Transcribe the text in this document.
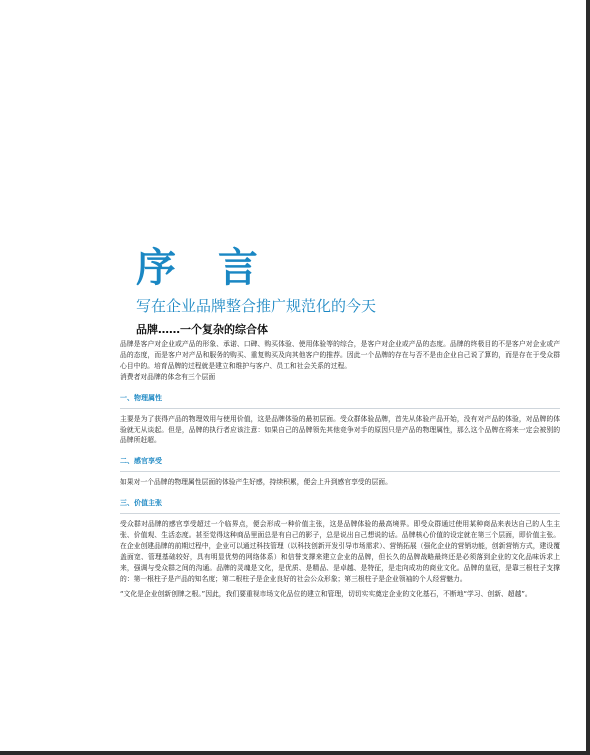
序 言
写在企业品牌整合推广规范化的今天
品牌……一个复杂的综合体

品牌是客户对企业或产品的形象、承诺、口碑、购买体验、使用体验等的综合，是客户对企业或产品的态度。品牌的终极目的不是客户对企业或产品的态度，而是客户对产品和服务的购买、重复购买及向其他客户的推荐。因此一个品牌的存在与否不是由企业自己说了算的，而是存在于受众群心目中的。培育品牌的过程就是建立和维护与客户、员工和社会关系的过程。

消费者对品牌的体念有三个层面

一、物理属性

主要是为了获得产品的物理效用与使用价值，这是品牌体验的最初层面。受众群体验品牌，首先从体验产品开始，没有对产品的体验，对品牌的体验就无从谈起。但是，品牌的执行者应该注意：如果自己的品牌领先其他竞争对手的原因只是产品的物理属性，那么这个品牌在将来一定会被别的品牌所赶超。

二、感官享受

如果对一个品牌的物理属性层面的体验产生好感，持续积累，便会上升到感官享受的层面。

三、价值主张

受众群对品牌的感官享受超过一个临界点，便会形成一种价值主张，这是品牌体验的最高境界。即受众群通过使用某种商品来表达自己的人生主张、价值观、生活态度。甚至觉得这种商品里面总是有自己的影子，总是说出自己想说的话。品牌核心价值的设定就在第三个层面，即价值主张。在企业创建品牌的前期过程中，企业可以通过科技管理（以科技创新开发引导市场需求）、营销拓展（强化企业的营销功能，创新营销方式，建设覆盖面宽、管理基础较好，具有明显优势的网络体系）和信誉支撑来建立企业的品牌，但长久的品牌战略最终还是必须落到企业的文化品味诉求上来，强调与受众群之间的沟通。品牌的灵魂是文化，是优质、是精品、是卓越、是特征，是走向成功的商业文化。品牌的皇冠，是靠三根柱子支撑的：第一根柱子是产品的知名度；第二根柱子是企业良好的社会公众形象；第三根柱子是企业领袖的个人经营魅力。

“文化是企业创新创牌之根。”因此，我们要重视市场文化品位的建立和管理，切切实实奠定企业的文化基石，不断地“学习、创新、超越”。
